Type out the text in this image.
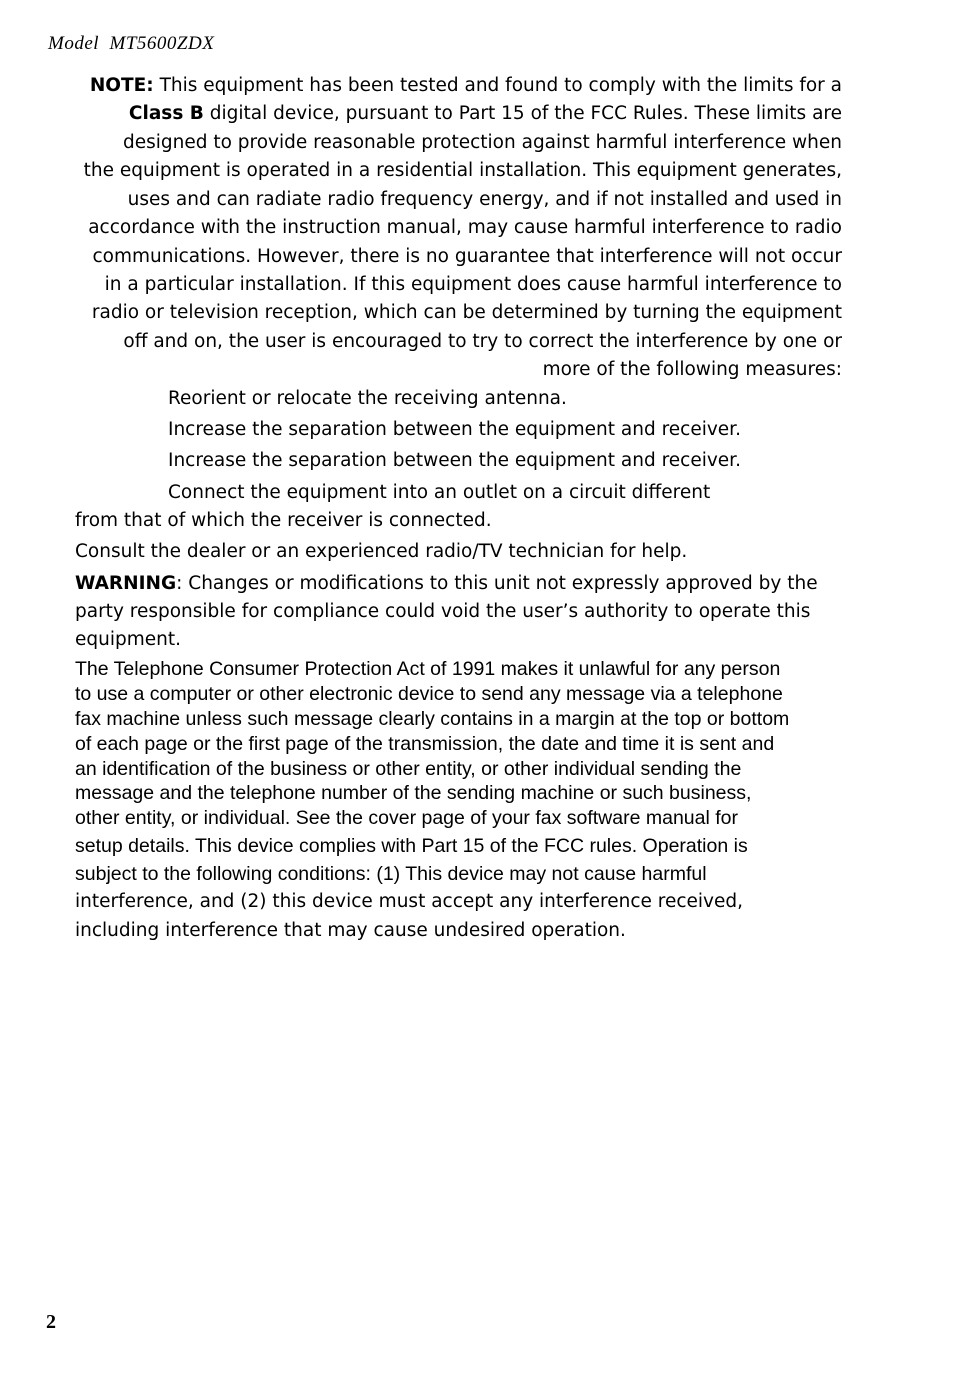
Model  MT5600ZDX
NOTE: This equipment has been tested and found to comply with the limits for a
Class B digital device, pursuant to Part 15 of the FCC Rules. These limits are
designed to provide reasonable protection against harmful interference when
the equipment is operated in a residential installation. This equipment generates,
uses and can radiate radio frequency energy, and if not installed and used in
accordance with the instruction manual, may cause harmful interference to radio
communications. However, there is no guarantee that interference will not occur
in a particular installation. If this equipment does cause harmful interference to
radio or television reception, which can be determined by turning the equipment
off and on, the user is encouraged to try to correct the interference by one or
more of the following measures:
Reorient or relocate the receiving antenna.
Increase the separation between the equipment and receiver.
Increase the separation between the equipment and receiver.
Connect the equipment into an outlet on a circuit different
from that of which the receiver is connected.
Consult the dealer or an experienced radio/TV technician for help.
WARNING: Changes or modifications to this unit not expressly approved by the
party responsible for compliance could void the user’s authority to operate this
equipment.
The Telephone Consumer Protection Act of 1991 makes it unlawful for any person
to use a computer or other electronic device to send any message via a telephone
fax machine unless such message clearly contains in a margin at the top or bottom
of each page or the first page of the transmission, the date and time it is sent and
an identification of the business or other entity, or other individual sending the
message and the telephone number of the sending machine or such business,
other entity, or individual. See the cover page of your fax software manual for
setup details. This device complies with Part 15 of the FCC rules. Operation is
subject to the following conditions: (1) This device may not cause harmful
interference, and (2) this device must accept any interference received,
including interference that may cause undesired operation.
2
